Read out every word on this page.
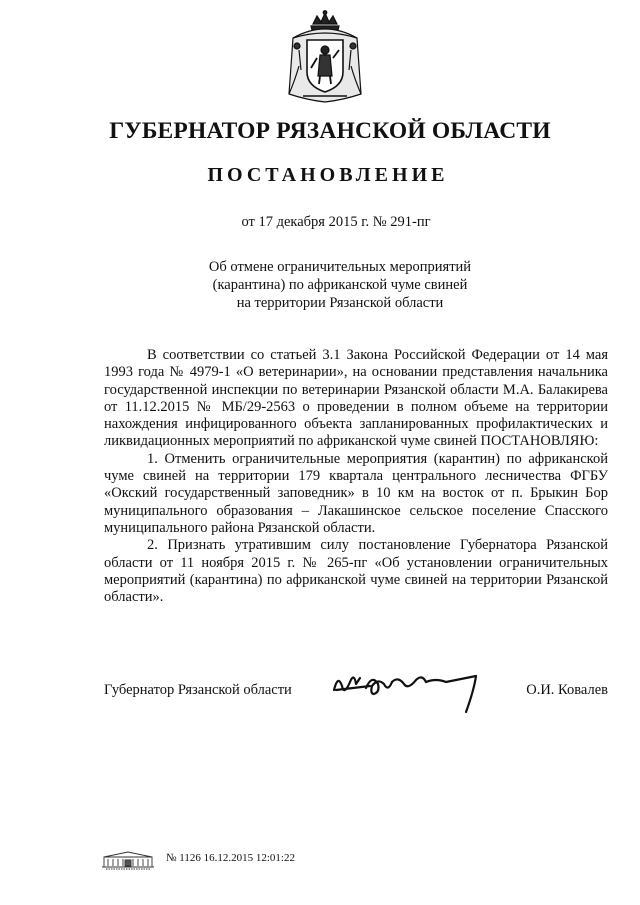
ГУБЕРНАТОР РЯЗАНСКОЙ ОБЛАСТИ
ПОСТАНОВЛЕНИЕ
от 17 декабря 2015 г. № 291-пг
Об отмене ограничительных мероприятий
(карантина) по африканской чуме свиней
на территории Рязанской области

В соответствии со статьей 3.1 Закона Российской Федерации от 14 мая 1993 года № 4979-1 «О ветеринарии», на основании представления начальника государственной инспекции по ветеринарии Рязанской области М.А. Балакирева от 11.12.2015 № МБ/29-2563 о проведении в полном объеме на территории нахождения инфицированного объекта запланированных профилактических и ликвидационных мероприятий по африканской чуме свиней ПОСТАНОВЛЯЮ:

1. Отменить ограничительные мероприятия (карантин) по африканской чуме свиней на территории 179 квартала центрального лесничества ФГБУ «Окский государственный заповедник» в 10 км на восток от п. Брыкин Бор муниципального образования – Лакашинское сельское поселение Спасского муниципального района Рязанской области.

2. Признать утратившим силу постановление Губернатора Рязанской области от 11 ноября 2015 г. № 265-пг «Об установлении ограничительных мероприятий (карантина) по африканской чуме свиней на территории Рязанской области».

Губернатор Рязанской области	О.И. Ковалев
№ 1126 16.12.2015 12:01:22
